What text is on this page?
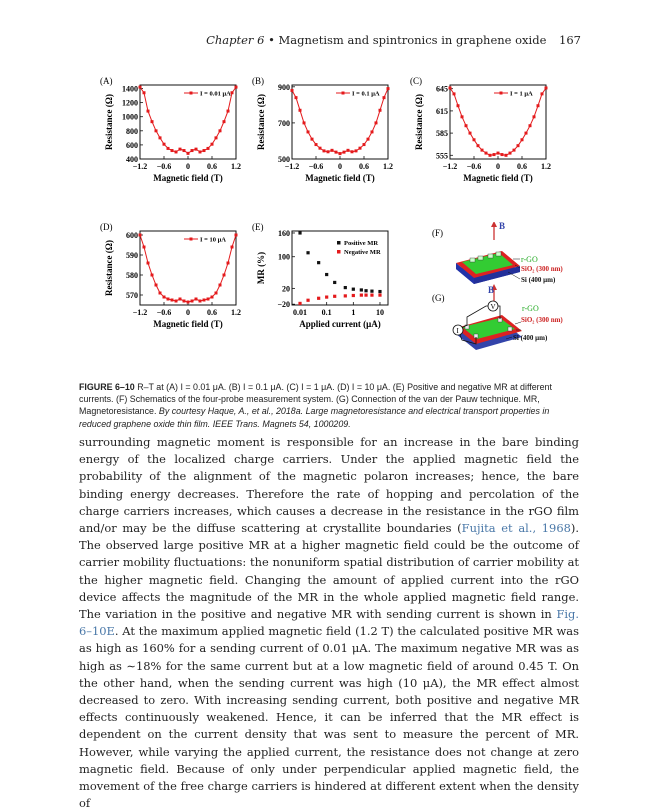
Chapter 6 • Magnetism and spintronics in graphene oxide 167
(A)
−1.2 −0.6 0 0.6 1.2
400
600
800
1000
1200
1400
Magnetic field (T)
Resistance (Ω)
I = 0.01 μA
(B)
−1.2 −0.6 0 0.6 1.2
500
700
900
Magnetic field (T)
Resistance (Ω)
I = 0.1 μA
(C)
−1.2 −0.6 0 0.6 1.2
555
585
615
645
Magnetic field (T)
Resistance (Ω)
I = 1 μA
(D)
−1.2 −0.6 0 0.6 1.2
570
580
590
600
Magnetic field (T)
Resistance (Ω)
I = 10 μA
(E)
0.01 0.1 1	10
−20
20
100
160
Applied current (μA)
MR (%)
Positive MR
Negative MR
(F)
B
I V V I
r-GO
SiO₂ (300 nm)
Si (400 μm)
(G)
B
V
I
r-GO
SiO₂ (300 nm)
Si (400 μm)
FIGURE 6–10 R–T at (A) I = 0.01 μA. (B) I = 0.1 μA. (C) I = 1 μA. (D) I = 10 μA. (E) Positive and negative MR at different currents. (F) Schematics of the four-probe measurement system. (G) Connection of the van der Pauw technique. MR, Magnetoresistance. By courtesy Haque, A., et al., 2018a. Large magnetoresistance and electrical transport properties in reduced graphene oxide thin film. IEEE Trans. Magnets 54, 1000209.

surrounding magnetic moment is responsible for an increase in the bare binding energy of the localized charge carriers. Under the applied magnetic field the probability of the alignment of the magnetic polaron increases; hence, the bare binding energy decreases. Therefore the rate of hopping and percolation of the charge carriers increases, which causes a decrease in the resistance in the rGO film and/or may be the diffuse scattering at crystallite boundaries (Fujita et al., 1968). The observed large positive MR at a higher magnetic field could be the outcome of carrier mobility fluctuations: the nonuniform spatial distribution of carrier mobility at the higher magnetic field. Changing the amount of applied current into the rGO device affects the magnitude of the MR in the whole applied magnetic field range. The variation in the positive and negative MR with sending current is shown in Fig. 6–10E. At the maximum applied magnetic field (1.2 T) the calculated positive MR was as high as 160% for a sending current of 0.01 μA. The maximum negative MR was as high as ∼18% for the same current but at a low magnetic field of around 0.45 T. On the other hand, when the sending current was high (10 μA), the MR effect almost decreased to zero. With increasing sending current, both positive and negative MR effects continuously weakened. Hence, it can be inferred that the MR effect is dependent on the current density that was sent to measure the percent of MR. However, while varying the applied current, the resistance does not change at zero magnetic field. Because of only under perpendicular applied magnetic field, the movement of the free charge carriers is hindered at different extent when the density of
